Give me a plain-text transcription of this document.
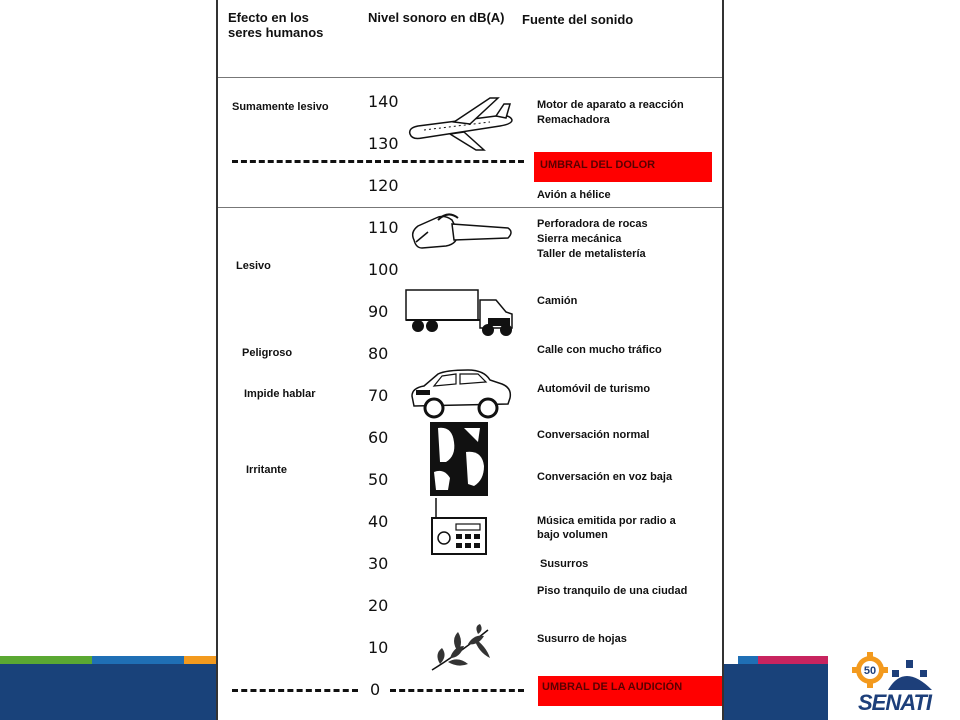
Efecto en los
seres humanos
Nivel sonoro en dB(A) Fuente del sonido
140
130
120
110
100
90
80
70
60
50
40
30
20
10
0
Sumamente lesivo
Lesivo
Peligroso
Impide hablar
Irritante
Motor de aparato a reacción
Remachadora
Avión a hélice
Perforadora de rocas
Sierra mecánica
Taller de metalistería
Camión
Calle con mucho tráfico
Automóvil de turismo
Conversación normal
Conversación en voz baja
Música emitida por radio a
bajo volumen
Susurros
Piso tranquilo de una ciudad
Susurro de hojas
UMBRAL DEL DOLOR
UMBRAL DE LA AUDICIÓN
50
SENATI
